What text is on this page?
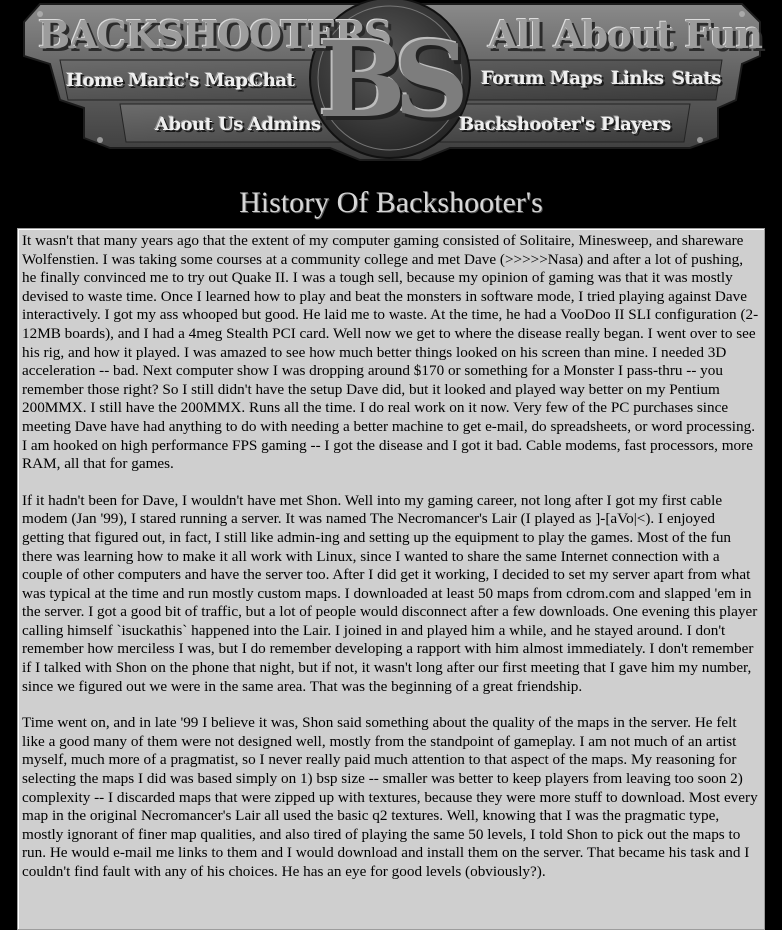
BACKSHOOTERS
BS All About Fun
Home Maric's Maps
Chat	Forum Maps Links Stats
About Us Admins	Backshooter's Players
History Of Backshooter's

It wasn't that many years ago that the extent of my computer gaming consisted of Solitaire, Minesweep, and shareware Wolfenstien. I was taking some courses at a community college and met Dave (>>>>>Nasa) and after a lot of pushing, he finally convinced me to try out Quake II. I was a tough sell, because my opinion of gaming was that it was mostly devised to waste time. Once I learned how to play and beat the monsters in software mode, I tried playing against Dave interactively. I got my ass whooped but good. He laid me to waste. At the time, he had a VooDoo II SLI configuration (2-12MB boards), and I had a 4meg Stealth PCI card. Well now we get to where the disease really began. I went over to see his rig, and how it played. I was amazed to see how much better things looked on his screen than mine. I needed 3D acceleration -- bad. Next computer show I was dropping around $170 or something for a Monster I pass-thru -- you remember those right? So I still didn't have the setup Dave did, but it looked and played way better on my Pentium 200MMX. I still have the 200MMX. Runs all the time. I do real work on it now. Very few of the PC purchases since meeting Dave have had anything to do with needing a better machine to get e-mail, do spreadsheets, or word processing. I am hooked on high performance FPS gaming -- I got the disease and I got it bad. Cable modems, fast processors, more RAM, all that for games.

If it hadn't been for Dave, I wouldn't have met Shon. Well into my gaming career, not long after I got my first cable modem (Jan '99), I stared running a server. It was named The Necromancer's Lair (I played as ]-[aVo|<). I enjoyed getting that figured out, in fact, I still like admin-ing and setting up the equipment to play the games. Most of the fun there was learning how to make it all work with Linux, since I wanted to share the same Internet connection with a couple of other computers and have the server too. After I did get it working, I decided to set my server apart from what was typical at the time and run mostly custom maps. I downloaded at least 50 maps from cdrom.com and slapped 'em in the server. I got a good bit of traffic, but a lot of people would disconnect after a few downloads. One evening this player calling himself `isuckathis` happened into the Lair. I joined in and played him a while, and he stayed around. I don't remember how merciless I was, but I do remember developing a rapport with him almost immediately. I don't remember if I talked with Shon on the phone that night, but if not, it wasn't long after our first meeting that I gave him my number, since we figured out we were in the same area. That was the beginning of a great friendship.

Time went on, and in late '99 I believe it was, Shon said something about the quality of the maps in the server. He felt like a good many of them were not designed well, mostly from the standpoint of gameplay. I am not much of an artist myself, much more of a pragmatist, so I never really paid much attention to that aspect of the maps. My reasoning for selecting the maps I did was based simply on 1) bsp size -- smaller was better to keep players from leaving too soon 2) complexity -- I discarded maps that were zipped up with textures, because they were more stuff to download. Most every map in the original Necromancer's Lair all used the basic q2 textures. Well, knowing that I was the pragmatic type, mostly ignorant of finer map qualities, and also tired of playing the same 50 levels, I told Shon to pick out the maps to run. He would e-mail me links to them and I would download and install them on the server. That became his task and I couldn't find fault with any of his choices. He has an eye for good levels (obviously?).
